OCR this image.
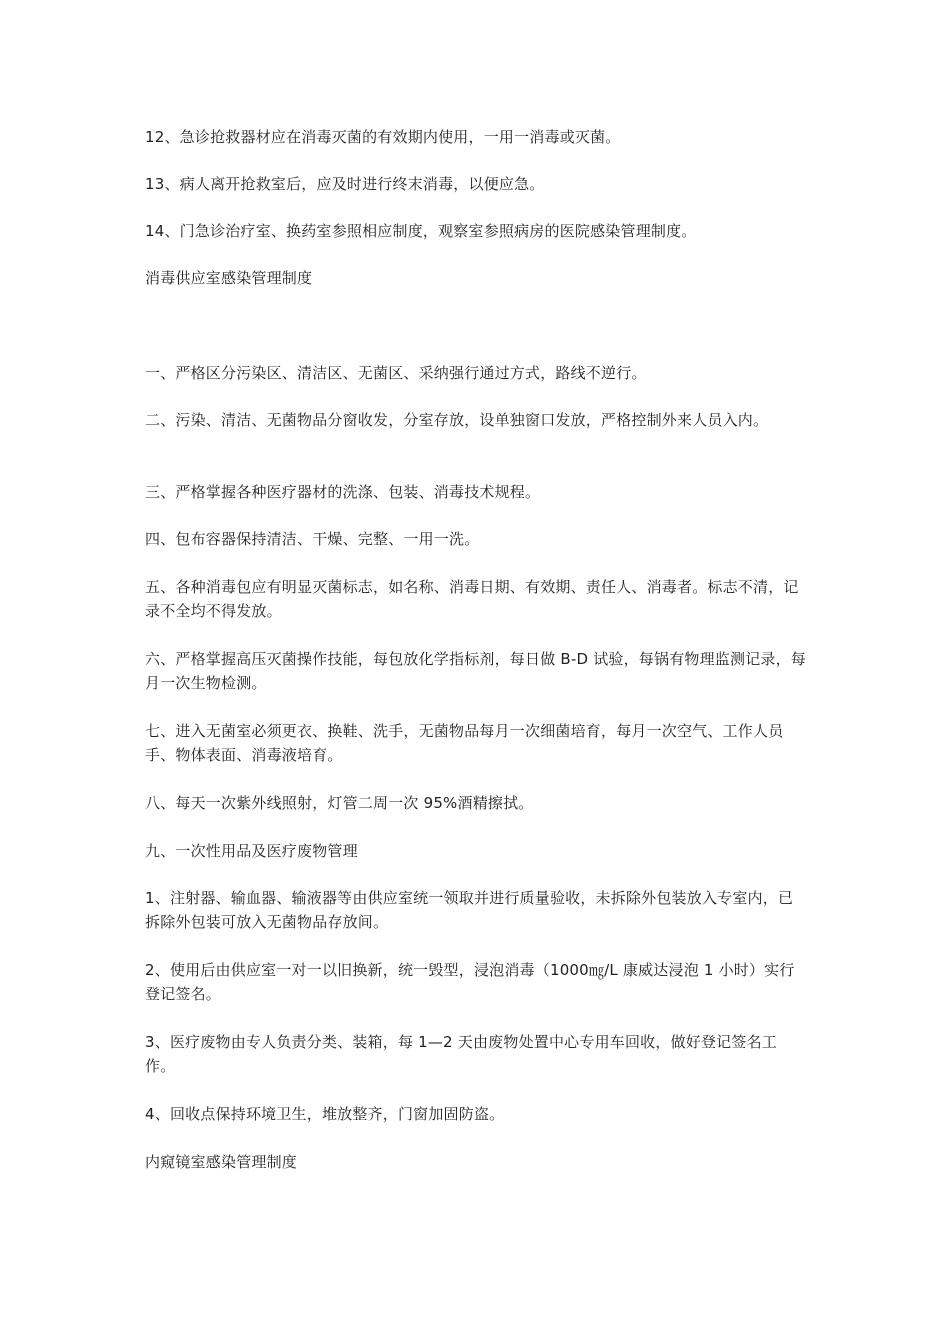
12、急诊抢救器材应在消毒灭菌的有效期内使用，一用一消毒或灭菌。

13、病人离开抢救室后，应及时进行终末消毒，以便应急。

14、门急诊治疗室、换药室参照相应制度，观察室参照病房的医院感染管理制度。

消毒供应室感染管理制度

一、严格区分污染区、清洁区、无菌区、采纳强行通过方式，路线不逆行。

二、污染、清洁、无菌物品分窗收发，分室存放，设单独窗口发放，严格控制外来人员入内。

三、严格掌握各种医疗器材的洗涤、包装、消毒技术规程。

四、包布容器保持清洁、干燥、完整、一用一洗。

五、各种消毒包应有明显灭菌标志，如名称、消毒日期、有效期、责任人、消毒者。标志不清，记录不全均不得发放。

六、严格掌握高压灭菌操作技能，每包放化学指标剂，每日做 B-D 试验，每锅有物理监测记录，每月一次生物检测。

七、进入无菌室必须更衣、换鞋、洗手，无菌物品每月一次细菌培育，每月一次空气、工作人员手、物体表面、消毒液培育。

八、每天一次紫外线照射，灯管二周一次 95%酒精擦拭。

九、一次性用品及医疗废物管理

1、注射器、输血器、输液器等由供应室统一领取并进行质量验收，未拆除外包装放入专室内，已拆除外包装可放入无菌物品存放间。

2、使用后由供应室一对一以旧换新，统一毁型，浸泡消毒（1000㎎/L 康威达浸泡 1 小时）实行登记签名。

3、医疗废物由专人负责分类、装箱，每 1—2 天由废物处置中心专用车回收，做好登记签名工作。

4、回收点保持环境卫生，堆放整齐，门窗加固防盗。

内窥镜室感染管理制度
